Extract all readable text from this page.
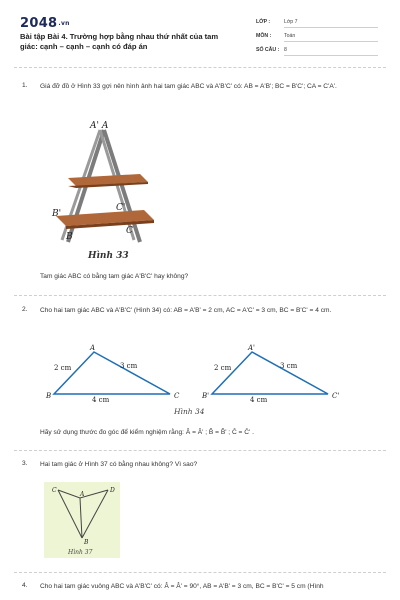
2048.vn
Bài tập Bài 4. Trường hợp bằng nhau thứ nhất của tam giác: cạnh – cạnh – cạnh có đáp án
LỚP :	Lớp 7
MÔN : Toán
SỐ CÂU : 8
1. Giá đỡ đồ ở Hình 33 gợi nên hình ảnh hai tam giác ABC và A'B'C' có: AB = A'B'; BC = B'C'; CA = C'A'.
A' A
B'
C'
B
C
Hình 33
Tam giác ABC có bằng tam giác A'B'C' hay không?
2. Cho hai tam giác ABC và A'B'C' (Hình 34) có: AB = A'B' = 2 cm, AC = A'C' = 3 cm, BC = B'C' = 4 cm.
A
B	C
2 cm	3 cm
4 cm
A'
B'	C'
2 cm	3 cm
4 cm
Hình 34
Hãy sử dụng thước đo góc để kiểm nghiệm rằng: Â = Â' ; B̂ = B̂' ; Ĉ = Ĉ' .
3. Hai tam giác ở Hình 37 có bằng nhau không? Vì sao?
C
A
D
B
Hình 37
4. Cho hai tam giác vuông ABC và A'B'C' có: Â = Â' = 90°, AB = A'B' = 3 cm, BC = B'C' = 5 cm (Hình
